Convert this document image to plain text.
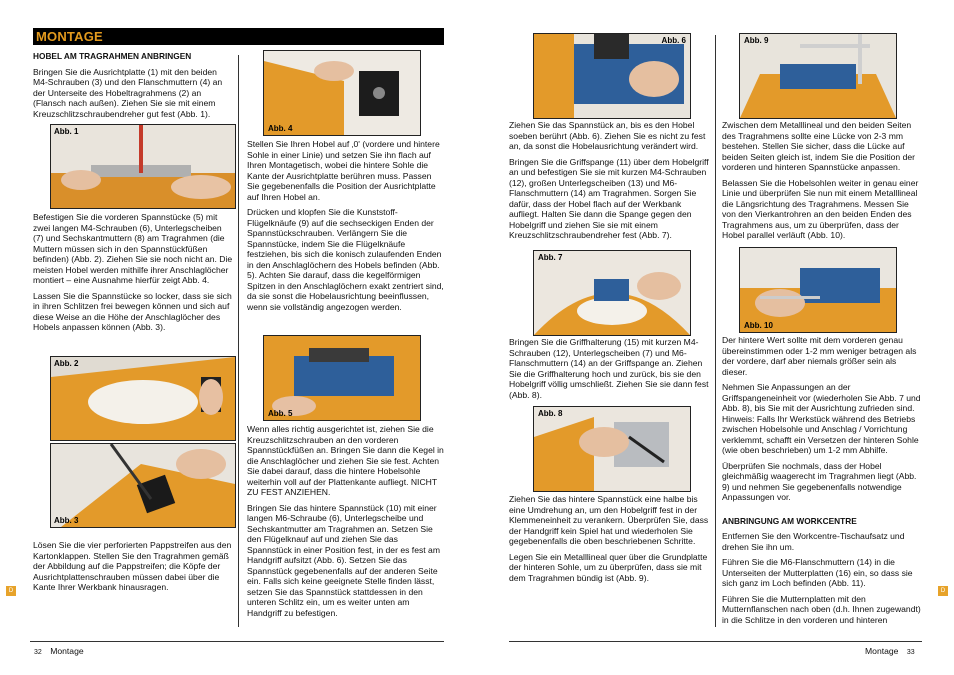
MONTAGE

HOBEL AM TRAGRAHMEN ANBRINGEN

Bringen Sie die Ausrichtplatte (1) mit den beiden M4-Schrauben (3) und den Flanschmuttern (4) an der Unterseite des Hobeltragrahmens (2) an (Flansch nach außen). Ziehen Sie sie mit einem Kreuzschlitzschraubendreher gut fest (Abb. 1).

Befestigen Sie die vorderen Spannstücke (5) mit zwei langen M4-Schrauben (6), Unterlegscheiben (7) und Sechskantmuttern (8) am Tragrahmen (die Muttern müssen sich in den Spannstückfüßen befinden) (Abb. 2). Ziehen Sie sie noch nicht an. Die meisten Hobel werden mithilfe ihrer Anschlaglöcher montiert – eine Ausnahme hierfür zeigt Abb. 4.

Lassen Sie die Spannstücke so locker, dass sie sich in ihren Schlitzen frei bewegen können und sich auf diese Weise an die Höhe der Anschlaglöcher des Hobels anpassen können (Abb. 3).

Lösen Sie die vier perforierten Pappstreifen aus den Kartonklappen. Stellen Sie den Tragrahmen gemäß der Abbildung auf die Pappstreifen; die Köpfe der Ausrichtplattenschrauben müssen dabei über die Kante Ihrer Werkbank hinausragen.

Abb. 1
Abb. 2
Abb. 3
Abb. 4

Stellen Sie Ihren Hobel auf ‚0' (vordere und hintere Sohle in einer Linie) und setzen Sie ihn flach auf Ihren Montagetisch, wobei die hintere Sohle die Kante der Ausrichtplatte berühren muss. Passen Sie gegebenenfalls die Position der Ausrichtplatte auf Ihren Hobel an.

Drücken und klopfen Sie die Kunststoff-Flügelknäufe (9) auf die sechseckigen Enden der Spannstückschrauben. Verlängern Sie die Spannstücke, indem Sie die Flügelknäufe festziehen, bis sich die konisch zulaufenden Enden in den Anschlaglöchern des Hobels befinden (Abb. 5). Achten Sie darauf, dass die kegelförmigen Spitzen in den Anschlaglöchern exakt zentriert sind, da sie sonst die Hobelausrichtung beeinflussen, wenn sie vollständig angezogen werden.

Abb. 5

Wenn alles richtig ausgerichtet ist, ziehen Sie die Kreuzschlitzschrauben an den vorderen Spannstückfüßen an. Bringen Sie dann die Kegel in die Anschlaglöcher und ziehen Sie sie fest. Achten Sie dabei darauf, dass die hintere Hobelsohle weiterhin voll auf der Plattenkante aufliegt. NICHT ZU FEST ANZIEHEN.

Bringen Sie das hintere Spannstück (10) mit einer langen M6-Schraube (6), Unterlegscheibe und Sechskantmutter am Tragrahmen an. Setzen Sie den Flügelknauf auf und ziehen Sie das Spannstück in einer Position fest, in der es fest am Handgriff aufsitzt (Abb. 6). Setzen Sie das Spannstück gegebenenfalls auf der anderen Seite ein. Falls sich keine geeignete Stelle finden lässt, setzen Sie das Spannstück stattdessen in den unteren Schlitz ein, um es weiter unten am Handgriff zu befestigen.

Abb. 6

Ziehen Sie das Spannstück an, bis es den Hobel soeben berührt (Abb. 6). Ziehen Sie es nicht zu fest an, da sonst die Hobelausrichtung verändert wird.

Bringen Sie die Griffspange (11) über dem Hobelgriff an und befestigen Sie sie mit kurzen M4-Schrauben (12), großen Unterlegscheiben (13) und M6-Flanschmuttern (14) am Tragrahmen. Sorgen Sie dafür, dass der Hobel flach auf der Werkbank aufliegt. Halten Sie dann die Spange gegen den Hobelgriff und ziehen Sie sie mit einem Kreuzschlitzschraubendreher fest (Abb. 7).

Abb. 7

Bringen Sie die Griffhalterung (15) mit kurzen M4-Schrauben (12), Unterlegscheiben (7) und M6-Flanschmuttern (14) an der Griffspange an. Ziehen Sie die Griffhalterung hoch und zurück, bis sie den Hobelgriff völlig umschließt. Ziehen Sie sie dann fest (Abb. 8).

Abb. 8

Ziehen Sie das hintere Spannstück eine halbe bis eine Umdrehung an, um den Hobelgriff fest in der Klemmeneinheit zu verankern. Überprüfen Sie, dass der Handgriff kein Spiel hat und wiederholen Sie gegebenenfalls die oben beschriebenen Schritte.

Legen Sie ein Metalllineal quer über die Grundplatte der hinteren Sohle, um zu überprüfen, dass sie mit dem Tragrahmen bündig ist (Abb. 9).

Abb. 9

Zwischen dem Metalllineal und den beiden Seiten des Tragrahmens sollte eine Lücke von 2-3 mm bestehen. Stellen Sie sicher, dass die Lücke auf beiden Seiten gleich ist, indem Sie die Position der vorderen und hinteren Spannstücke anpassen.

Belassen Sie die Hobelsohlen weiter in genau einer Linie und überprüfen Sie nun mit einem Metalllineal die Längsrichtung des Tragrahmens. Messen Sie von den Vierkantrohren an den beiden Enden des Tragrahmens aus, um zu überprüfen, dass der Hobel parallel verläuft (Abb. 10).

Abb. 10

Der hintere Wert sollte mit dem vorderen genau übereinstimmen oder 1-2 mm weniger betragen als der vordere, darf aber niemals größer sein als dieser.

Nehmen Sie Anpassungen an der Griffspangeneinheit vor (wiederholen Sie Abb. 7 und Abb. 8), bis Sie mit der Ausrichtung zufrieden sind. Hinweis: Falls Ihr Werkstück während des Betriebs zwischen Hobelsohle und Anschlag / Vorrichtung verklemmt, schafft ein Versetzen der hinteren Sohle (wie oben beschrieben) um 1-2 mm Abhilfe.

Überprüfen Sie nochmals, dass der Hobel gleichmäßig waagerecht im Tragrahmen liegt (Abb. 9) und nehmen Sie gegebenenfalls notwendige Anpassungen vor.

ANBRINGUNG AM WORKCENTRE

Entfernen Sie den Workcentre-Tischaufsatz und drehen Sie ihn um.

Führen Sie die M6-Flanschmuttern (14) in die Unterseiten der Mutterplatten (16) ein, so dass sie sich ganz im Loch befinden (Abb. 11).

Führen Sie die Mutternplatten mit den Mutternflanschen nach oben (d.h. Ihnen zugewandt) in die Schlitze in den vorderen und hinteren

D	D
32 Montage	Montage 33
